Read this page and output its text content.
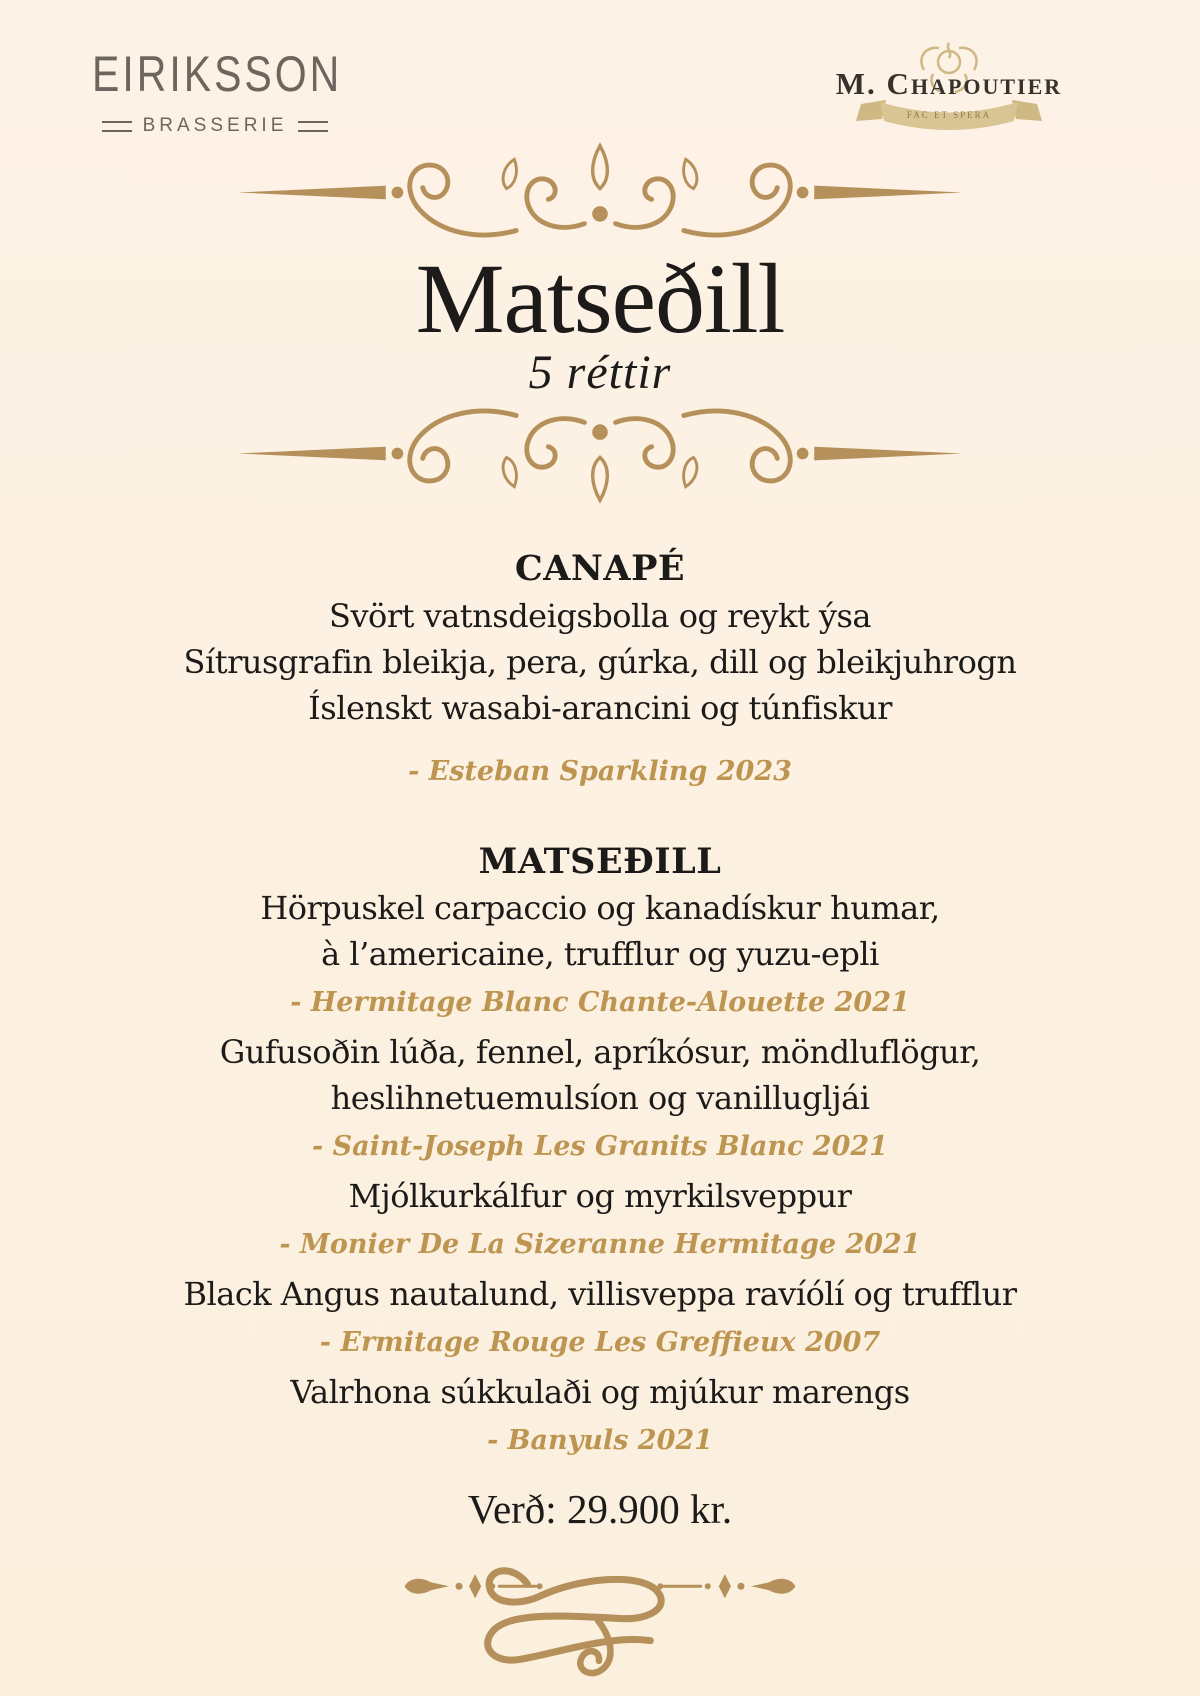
EIRIKSSON
BRASSERIE	FAC ET SPERA
M. Chapoutier
Matseðill
5 réttir

CANAPÉ

Svört vatnsdeigsbolla og reykt ýsa

Sítrusgrafin bleikja, pera, gúrka, dill og bleikjuhrogn

Íslenskt wasabi-arancini og túnfiskur

- Esteban Sparkling 2023

MATSEÐILL

Hörpuskel carpaccio og kanadískur humar,

à l’americaine, trufflur og yuzu-epli

- Hermitage Blanc Chante-Alouette 2021

Gufusoðin lúða, fennel, apríkósur, möndluflögur,

heslihnetuemulsíon og vanillugljái

- Saint-Joseph Les Granits Blanc 2021

Mjólkurkálfur og myrkilsveppur

- Monier De La Sizeranne Hermitage 2021

Black Angus nautalund, villisveppa ravíólí og trufflur

- Ermitage Rouge Les Greffieux 2007

Valrhona súkkulaði og mjúkur marengs

- Banyuls 2021

Verð: 29.900 kr.
